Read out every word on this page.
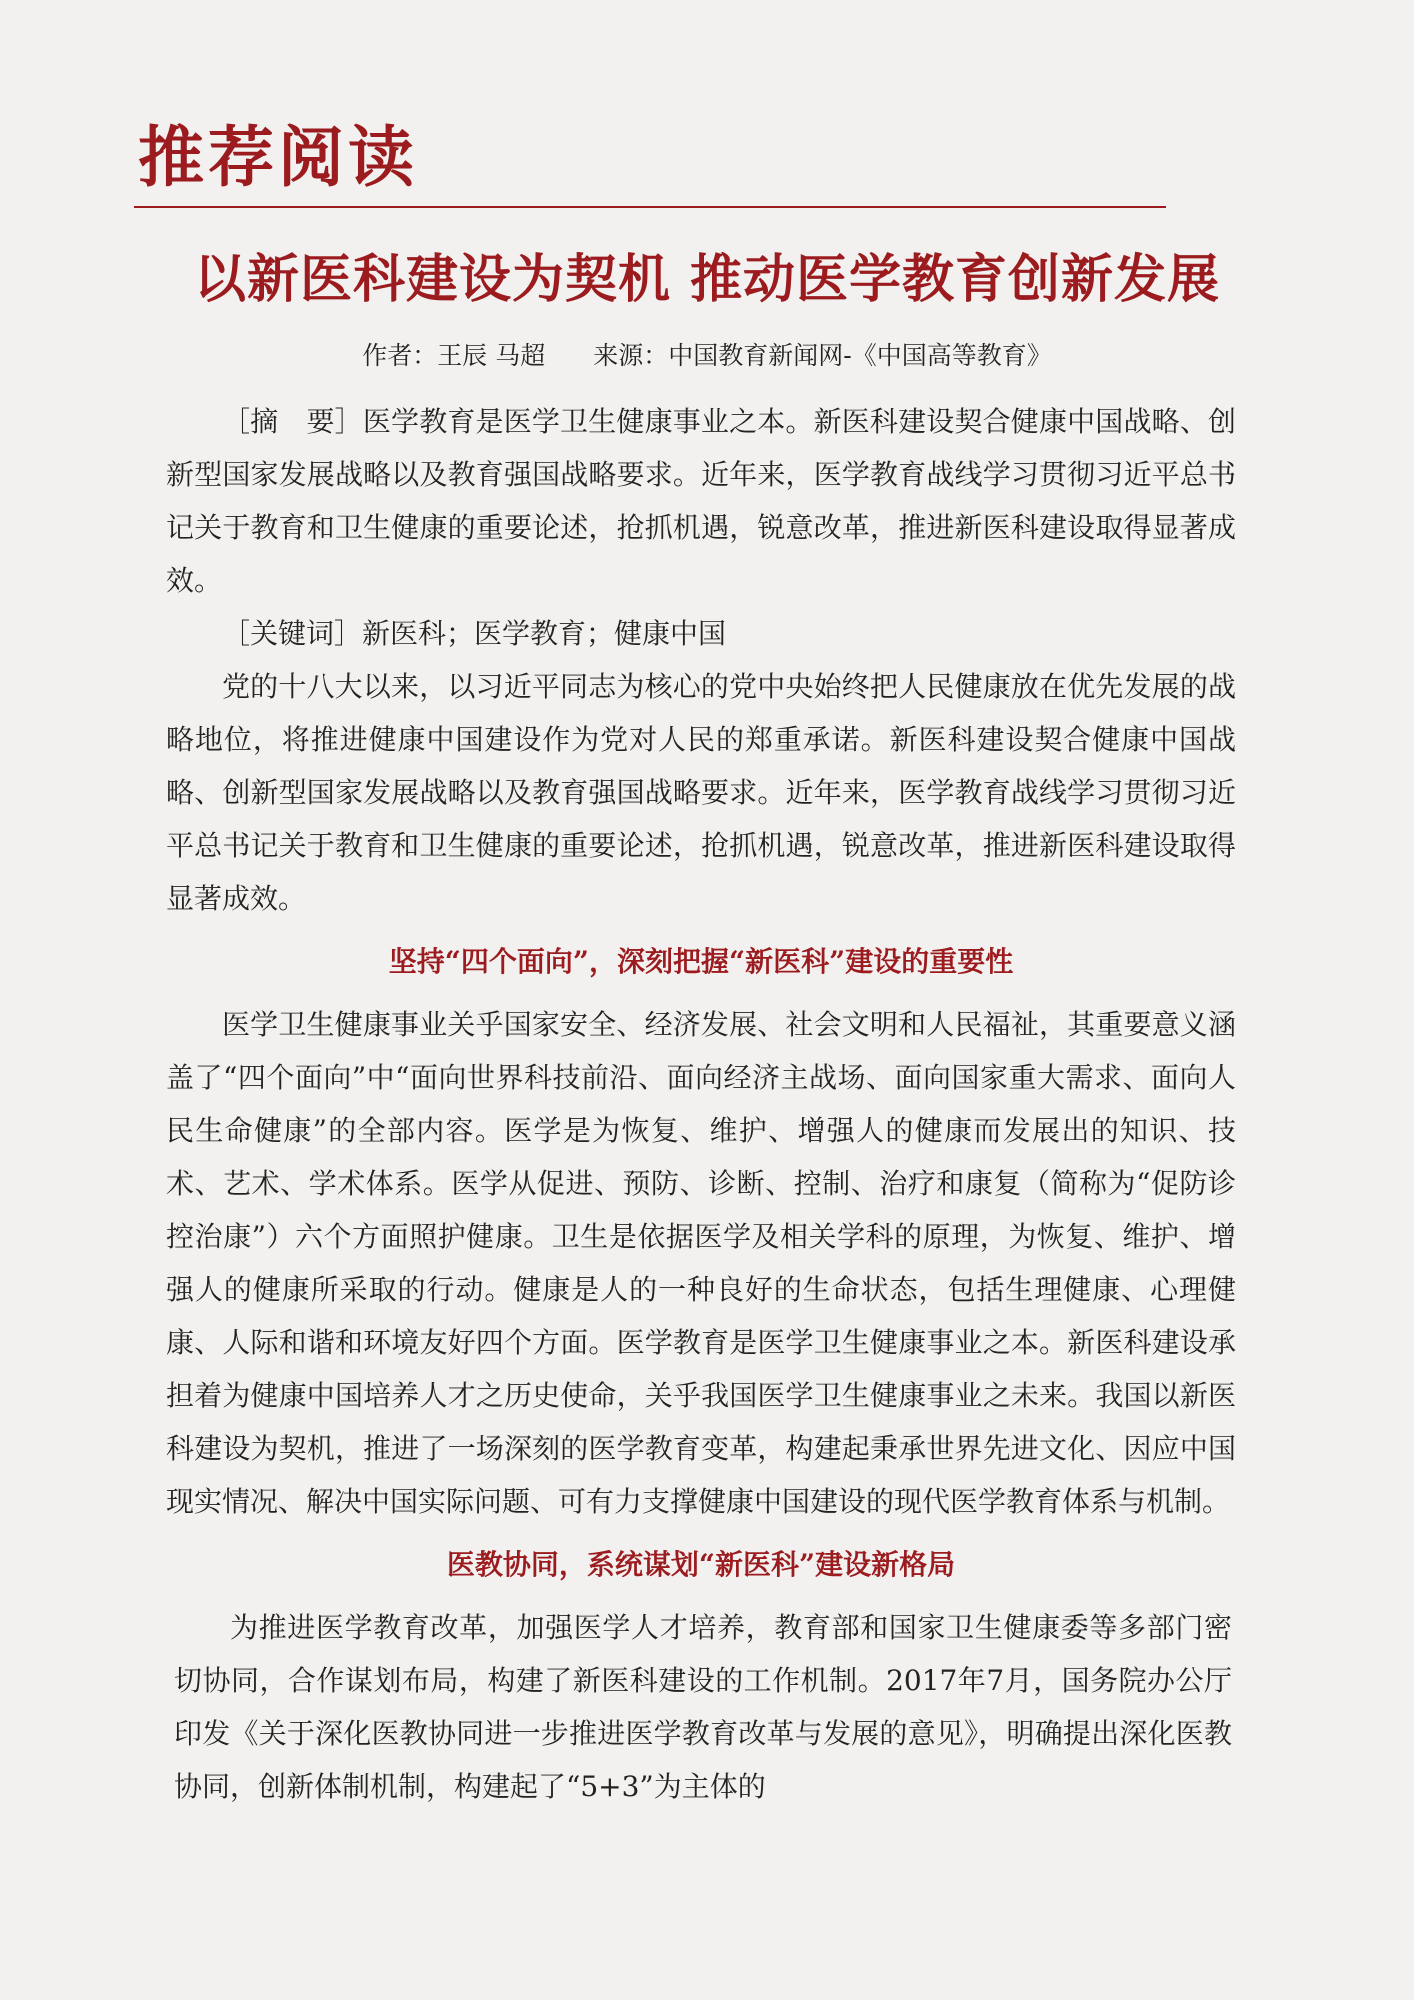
推荐阅读
以新医科建设为契机 推动医学教育创新发展
作者：王辰 马超 来源：中国教育新闻网-《中国高等教育》

［摘　要］医学教育是医学卫生健康事业之本。新医科建设契合健康中国战略、创新型国家发展战略以及教育强国战略要求。近年来，医学教育战线学习贯彻习近平总书记关于教育和卫生健康的重要论述，抢抓机遇，锐意改革，推进新医科建设取得显著成效。

［关键词］新医科；医学教育；健康中国

党的十八大以来，以习近平同志为核心的党中央始终把人民健康放在优先发展的战略地位，将推进健康中国建设作为党对人民的郑重承诺。新医科建设契合健康中国战略、创新型国家发展战略以及教育强国战略要求。近年来，医学教育战线学习贯彻习近平总书记关于教育和卫生健康的重要论述，抢抓机遇，锐意改革，推进新医科建设取得显著成效。

坚持“四个面向”，深刻把握“新医科”建设的重要性

医学卫生健康事业关乎国家安全、经济发展、社会文明和人民福祉，其重要意义涵盖了“四个面向”中“面向世界科技前沿、面向经济主战场、面向国家重大需求、面向人民生命健康”的全部内容。医学是为恢复、维护、增强人的健康而发展出的知识、技术、艺术、学术体系。医学从促进、预防、诊断、控制、治疗和康复（简称为“促防诊控治康”）六个方面照护健康。卫生是依据医学及相关学科的原理，为恢复、维护、增强人的健康所采取的行动。健康是人的一种良好的生命状态，包括生理健康、心理健康、人际和谐和环境友好四个方面。医学教育是医学卫生健康事业之本。新医科建设承担着为健康中国培养人才之历史使命，关乎我国医学卫生健康事业之未来。我国以新医科建设为契机，推进了一场深刻的医学教育变革，构建起秉承世界先进文化、因应中国现实情况、解决中国实际问题、可有力支撑健康中国建设的现代医学教育体系与机制。

医教协同，系统谋划“新医科”建设新格局

为推进医学教育改革，加强医学人才培养，教育部和国家卫生健康委等多部门密切协同，合作谋划布局，构建了新医科建设的工作机制。2017年7月，国务院办公厅印发《关于深化医教协同进一步推进医学教育改革与发展的意见》，明确提出深化医教协同，创新体制机制，构建起了“5+3”为主体的
